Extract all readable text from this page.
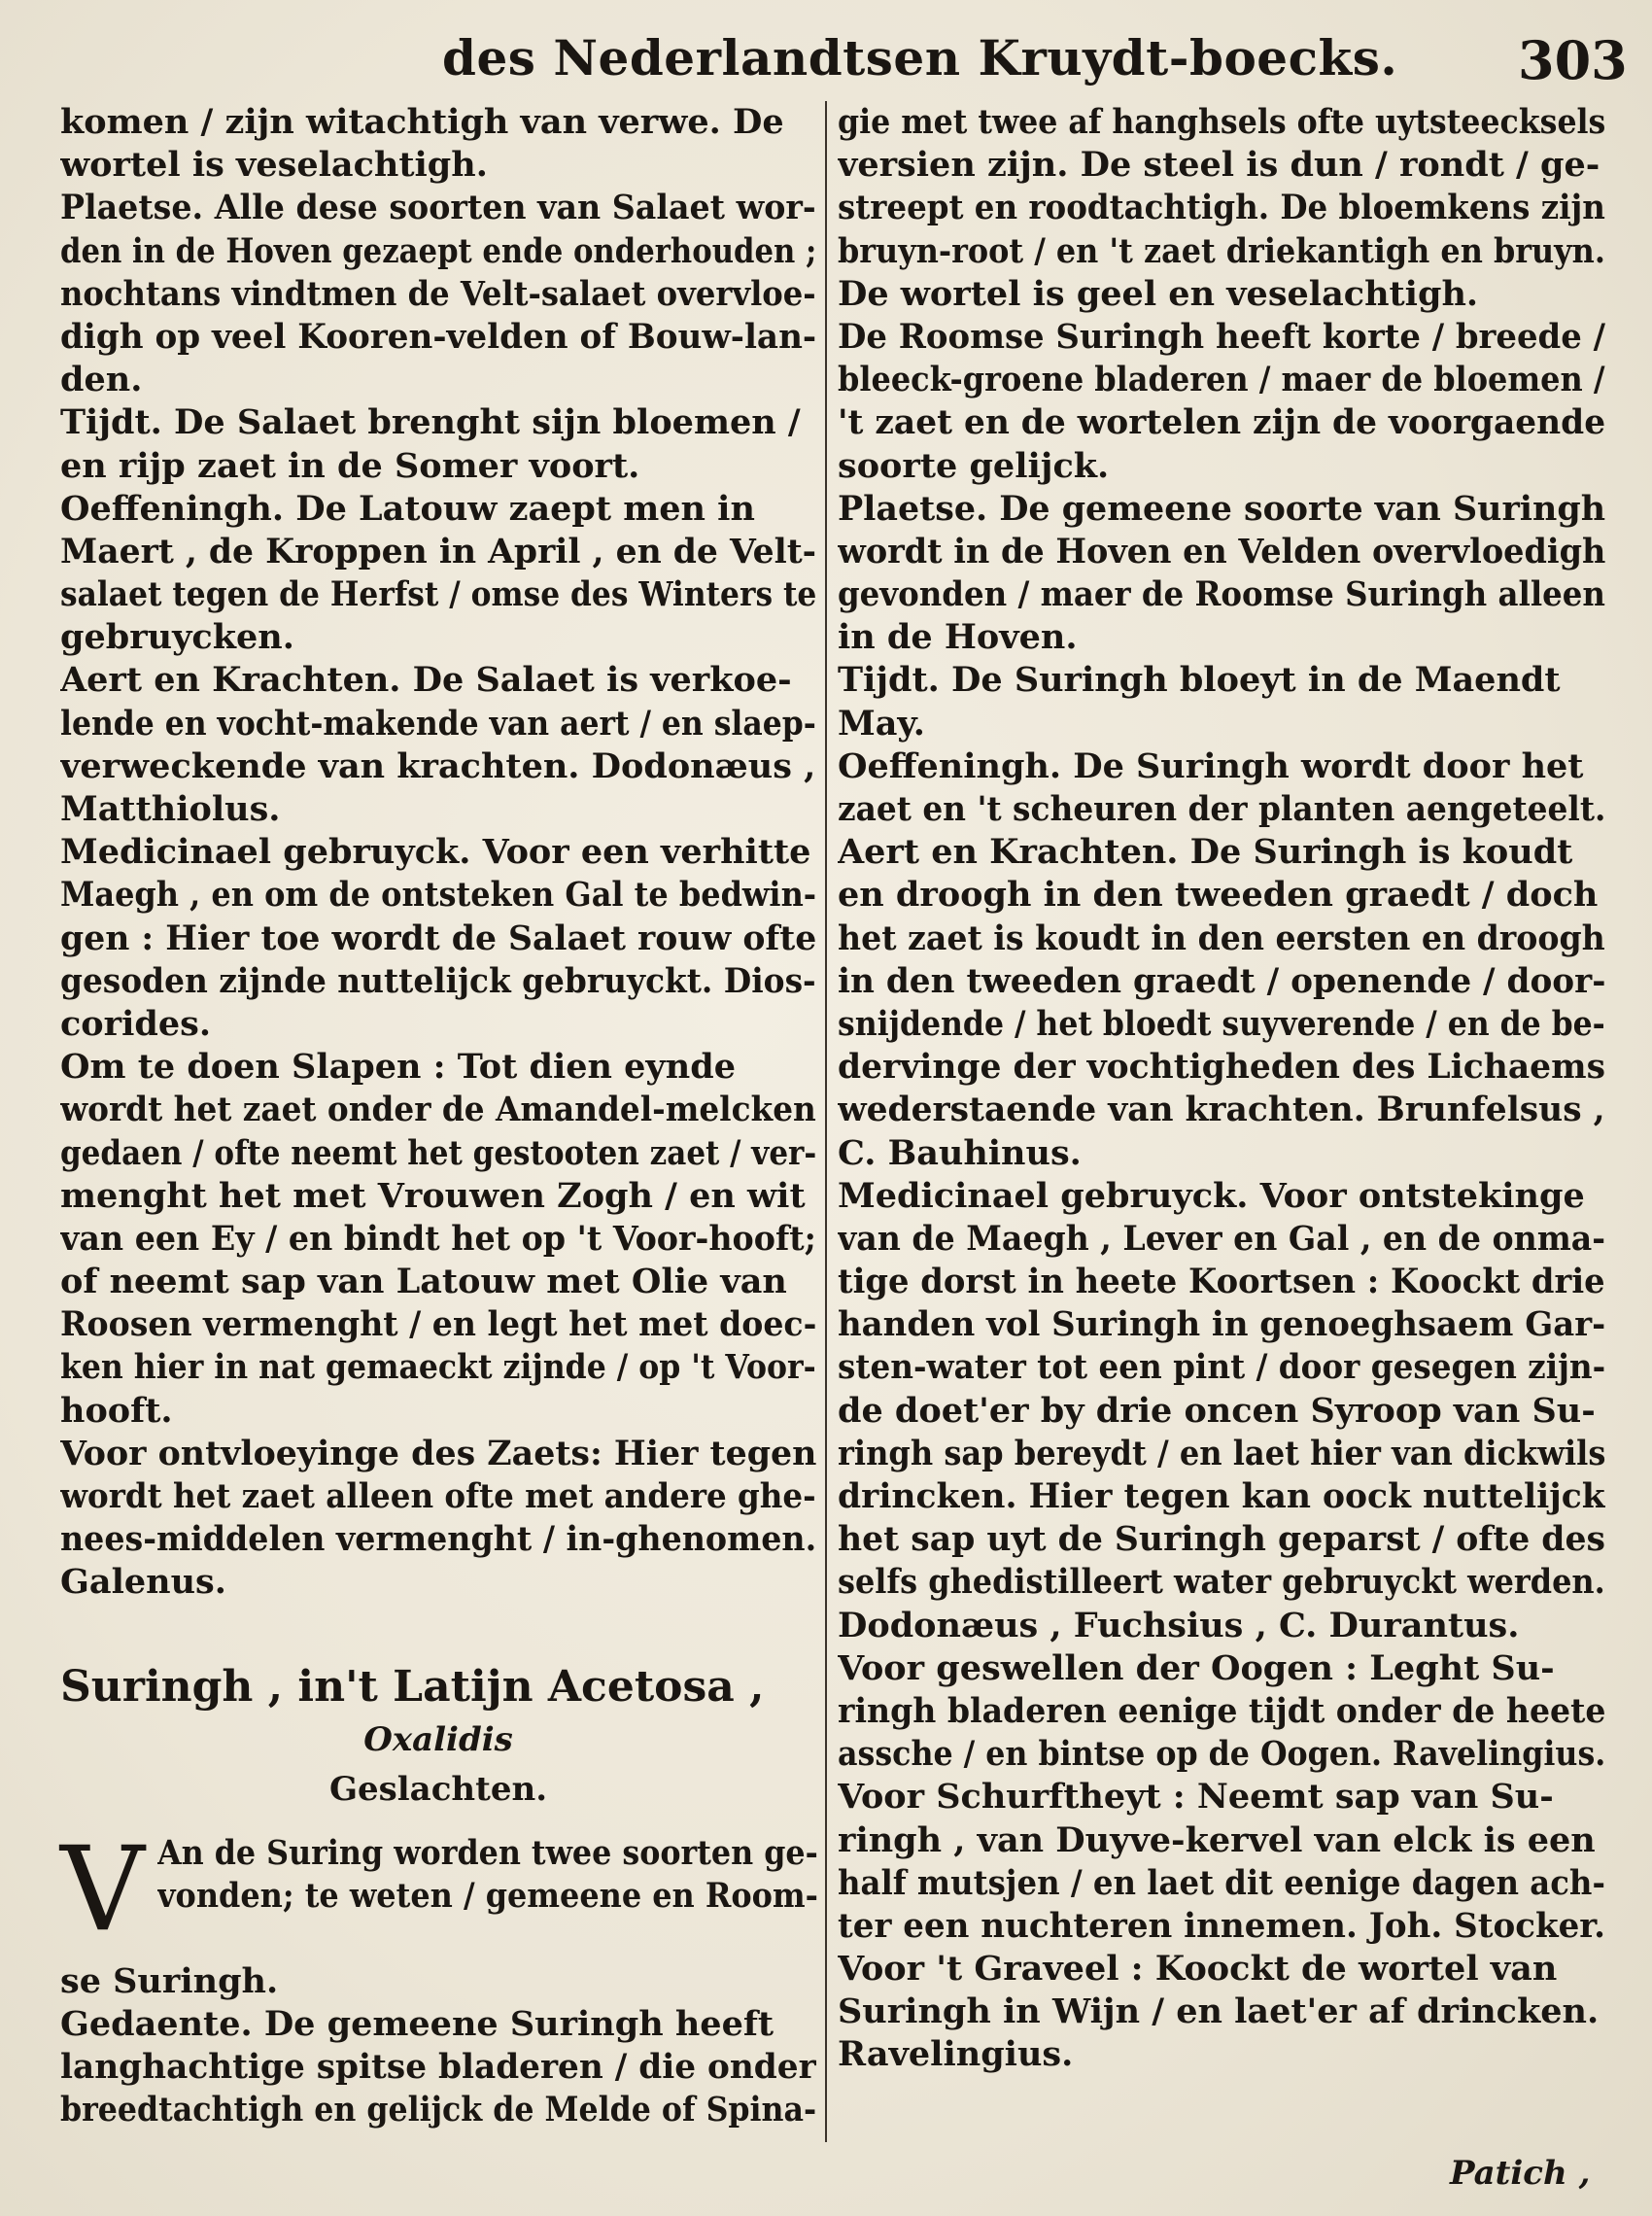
des Nederlandtsen Kruydt-boecks. 303
komen / zijn witachtigh van verwe. De
wortel is veselachtigh.
Plaetse. Alle dese soorten van Salaet wor-
den in de Hoven gezaept ende onderhouden ;
nochtans vindtmen de Velt-salaet overvloe-
digh op veel Kooren-velden of Bouw-lan-
den.
Tijdt. De Salaet brenght sijn bloemen /
en rijp zaet in de Somer voort.
Oeffeningh. De Latouw zaept men in
Maert , de Kroppen in April , en de Velt-
salaet tegen de Herfst / omse des Winters te
gebruycken.
Aert en Krachten. De Salaet is verkoe-
lende en vocht-makende van aert / en slaep-
verweckende van krachten. Dodonæus ,
Matthiolus.
Medicinael gebruyck. Voor een verhitte
Maegh , en om de ontsteken Gal te bedwin-
gen : Hier toe wordt de Salaet rouw ofte
gesoden zijnde nuttelijck gebruyckt. Dios-
corides.
Om te doen Slapen : Tot dien eynde
wordt het zaet onder de Amandel-melcken
gedaen / ofte neemt het gestooten zaet / ver-
menght het met Vrouwen Zogh / en wit
van een Ey / en bindt het op 't Voor-hooft;
of neemt sap van Latouw met Olie van
Roosen vermenght / en legt het met doec-
ken hier in nat gemaeckt zijnde / op 't Voor-
hooft.
Voor ontvloeyinge des Zaets: Hier tegen
wordt het zaet alleen ofte met andere ghe-
nees-middelen vermenght / in-ghenomen.
Galenus.
Suringh , in't Latijn Acetosa ,
Oxalidis
Geslachten.
V An de Suring worden twee soorten ge-
vonden; te weten / gemeene en Room-
se Suringh.
Gedaente. De gemeene Suringh heeft
langhachtige spitse bladeren / die onder
breedtachtigh en gelijck de Melde of Spina-
gie met twee af hanghsels ofte uytsteecksels
versien zijn. De steel is dun / rondt / ge-
streept en roodtachtigh. De bloemkens zijn
bruyn-root / en 't zaet driekantigh en bruyn.
De wortel is geel en veselachtigh.
De Roomse Suringh heeft korte / breede /
bleeck-groene bladeren / maer de bloemen /
't zaet en de wortelen zijn de voorgaende
soorte gelijck.
Plaetse. De gemeene soorte van Suringh
wordt in de Hoven en Velden overvloedigh
gevonden / maer de Roomse Suringh alleen
in de Hoven.
Tijdt. De Suringh bloeyt in de Maendt
May.
Oeffeningh. De Suringh wordt door het
zaet en 't scheuren der planten aengeteelt.
Aert en Krachten. De Suringh is koudt
en droogh in den tweeden graedt / doch
het zaet is koudt in den eersten en droogh
in den tweeden graedt / openende / door-
snijdende / het bloedt suyverende / en de be-
dervinge der vochtigheden des Lichaems
wederstaende van krachten. Brunfelsus ,
C. Bauhinus.
Medicinael gebruyck. Voor ontstekinge
van de Maegh , Lever en Gal , en de onma-
tige dorst in heete Koortsen : Koockt drie
handen vol Suringh in genoeghsaem Gar-
sten-water tot een pint / door gesegen zijn-
de doet'er by drie oncen Syroop van Su-
ringh sap bereydt / en laet hier van dickwils
drincken. Hier tegen kan oock nuttelijck
het sap uyt de Suringh geparst / ofte des
selfs ghedistilleert water gebruyckt werden.
Dodonæus , Fuchsius , C. Durantus.
Voor geswellen der Oogen : Leght Su-
ringh bladeren eenige tijdt onder de heete
assche / en bintse op de Oogen. Ravelingius.
Voor Schurftheyt : Neemt sap van Su-
ringh , van Duyve-kervel van elck is een
half mutsjen / en laet dit eenige dagen ach-
ter een nuchteren innemen. Joh. Stocker.
Voor 't Graveel : Koockt de wortel van
Suringh in Wijn / en laet'er af drincken.
Ravelingius.
Patich ,
